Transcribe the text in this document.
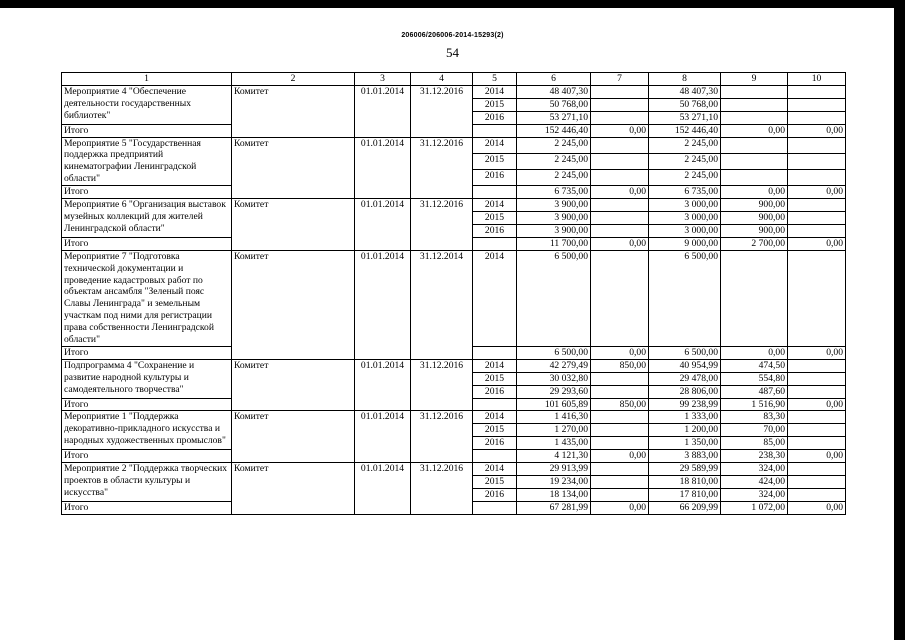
206006/206006-2014-15293(2)
54
1	2	3	4	5	6	7	8	9	10
Мероприятие 4 "Обеспечение деятельности государственных библиотек"	Комитет	01.01.2014	31.12.2016	2014	48 407,30		48 407,30		
				2015	50 768,00		50 768,00		
				2016	53 271,10		53 271,10		
Итого					152 446,40	0,00	152 446,40	0,00	0,00
Мероприятие 5 "Государственная поддержка предприятий кинематографии Ленинградской области"	Комитет	01.01.2014	31.12.2016	2014	2 245,00		2 245,00		
				2015	2 245,00		2 245,00		
				2016	2 245,00		2 245,00		
Итого					6 735,00	0,00	6 735,00	0,00	0,00
Мероприятие 6 "Организация выставок музейных коллекций для жителей Ленинградской области"	Комитет	01.01.2014	31.12.2016	2014	3 900,00		3 000,00	900,00	
				2015	3 900,00		3 000,00	900,00	
				2016	3 900,00		3 000,00	900,00	
Итого					11 700,00	0,00	9 000,00	2 700,00	0,00
Мероприятие 7 "Подготовка технической документации и проведение кадастровых работ по объектам ансамбля "Зеленый пояс Славы Ленинграда" и земельным участкам под ними для регистрации права собственности Ленинградской области"	Комитет	01.01.2014	31.12.2014	2014	6 500,00		6 500,00		
Итого					6 500,00	0,00	6 500,00	0,00	0,00
Подпрограмма 4 "Сохранение и развитие народной культуры и самодеятельного творчества"	Комитет	01.01.2014	31.12.2016	2014	42 279,49	850,00	40 954,99	474,50	
				2015	30 032,80		29 478,00	554,80	
				2016	29 293,60		28 806,00	487,60	
Итого					101 605,89	850,00	99 238,99	1 516,90	0,00
Мероприятие 1 "Поддержка декоративно-прикладного искусства и народных художественных промыслов"	Комитет	01.01.2014	31.12.2016	2014	1 416,30		1 333,00	83,30	
				2015	1 270,00		1 200,00	70,00	
				2016	1 435,00		1 350,00	85,00	
Итого					4 121,30	0,00	3 883,00	238,30	0,00
Мероприятие 2 "Поддержка творческих проектов в области культуры и искусства"	Комитет	01.01.2014	31.12.2016	2014	29 913,99		29 589,99	324,00	
				2015	19 234,00		18 810,00	424,00	
				2016	18 134,00		17 810,00	324,00	
Итого					67 281,99	0,00	66 209,99	1 072,00	0,00
